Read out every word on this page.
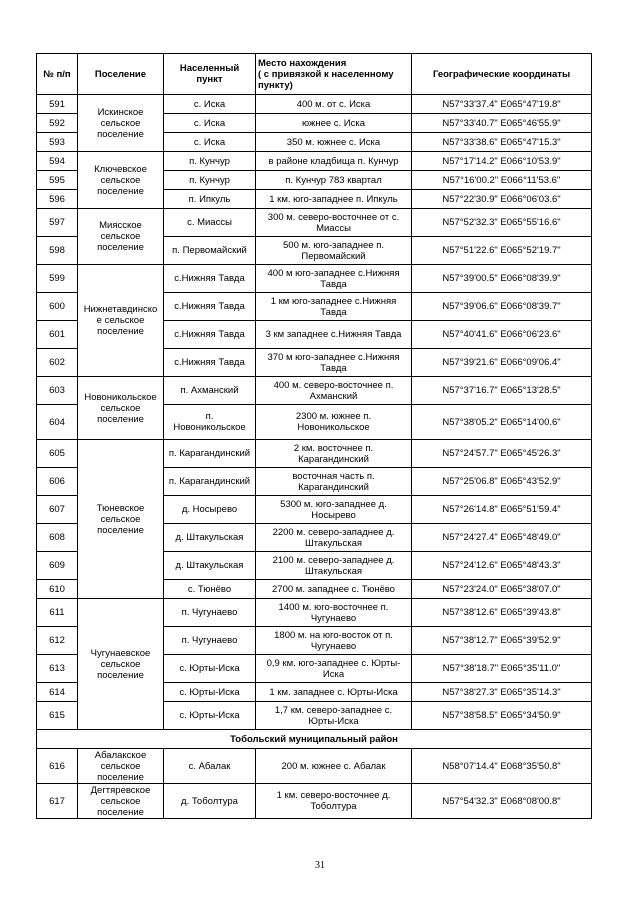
№ п/п	Поселение	Населенный пункт	Место нахождения
( с привязкой к населенному
пункту)	Географические координаты
591	Искинское
сельское
поселение	с. Иска	400 м. от с. Иска	N57°33'37.4" E065°47'19.8"
592		с. Иска	южнее с. Иска	N57°33'40.7" E065°46'55.9"
593		с. Иска	350 м. южнее с. Иска	N57°33'38.6" E065°47'15.3"
594	Ключевское
сельское
поселение	п. Кунчур	в районе кладбища п. Кунчур	N57°17'14.2" E066°10'53.9"
595		п. Кунчур	п. Кунчур 783 квартал	N57°16'00.2" E066°11'53.6"
596		п. Ипкуль	1 км. юго-западнее п. Ипкуль	N57°22'30.9" E066°06'03.6"
597	Миясское
сельское
поселение	с. Миассы	300 м. северо-восточнее от с.
Миассы	N57°52'32.3" E065°55'16.6"
598		п. Первомайский	500 м. юго-западнее п.
Первомайский	N57°51'22.6" E065°52'19.7"
599	Нижнетавдинско
е сельское
поселение	с.Нижняя Тавда	400 м юго-западнее с.Нижняя
Тавда	N57°39'00.5" E066°08'39.9"
600		с.Нижняя Тавда	1 км юго-западнее с.Нижняя
Тавда	N57°39'06.6" E066°08'39.7"
601		с.Нижняя Тавда	3 км западнее с.Нижняя Тавда	N57°40'41.6" E066°06'23.6"
602		с.Нижняя Тавда	370 м юго-западнее с.Нижняя
Тавда	N57°39'21.6" E066°09'06.4"
603	Новоникольское
сельское
поселение	п. Ахманский	400 м. северо-восточнее п.
Ахманский	N57°37'16.7" E065°13'28.5"
604		п.
Новоникольское	2300 м. южнее п.
Новоникольское	N57°38'05.2" E065°14'00.6"
605	Тюневское
сельское
поселение	п. Карагандинский	2 км. восточнее п.
Карагандинский	N57°24'57.7" E065°45'26.3"
606		п. Карагандинский	восточная часть п.
Карагандинский	N57°25'06.8" E065°43'52.9"
607		д. Носырево	5300 м. юго-западнее д.
Носырево	N57°26'14.8" E065°51'59.4"
608		д. Штакульская	2200 м. северо-западнее д.
Штакульская	N57°24'27.4" E065°48'49.0"
609		д. Штакульская	2100 м. северо-западнее д.
Штакульская	N57°24'12.6" E065°48'43.3"
610		с. Тюнёво	2700 м. западнее с. Тюнёво	N57°23'24.0" E065°38'07.0"
611	Чугунаевское
сельское
поселение	п. Чугунаево	1400 м. юго-восточнее п.
Чугунаево	N57°38'12.6" E065°39'43.8"
612		п. Чугунаево	1800 м. на юго-восток от п.
Чугунаево	N57°38'12.7" E065°39'52.9"
613		с. Юрты-Иска	0,9 км. юго-западнее с. Юрты-
Иска	N57°38'18.7" E065°35'11.0"
614		с. Юрты-Иска	1 км. западнее с. Юрты-Иска	N57°38'27.3" E065°35'14.3"
615		с. Юрты-Иска	1,7 км. северо-западнее с.
Юрты-Иска	N57°38'58.5" E065°34'50.9"
Тобольский муниципальный район				
616	Абалакское
сельское
поселение	с. Абалак	200 м. южнее с. Абалак	N58°07'14.4" E068°35'50.8"
617	Дегтяревское
сельское
поселение	д. Тоболтура	1 км. северо-восточнее д.
Тоболтура	N57°54'32.3" E068°08'00.8"
31
